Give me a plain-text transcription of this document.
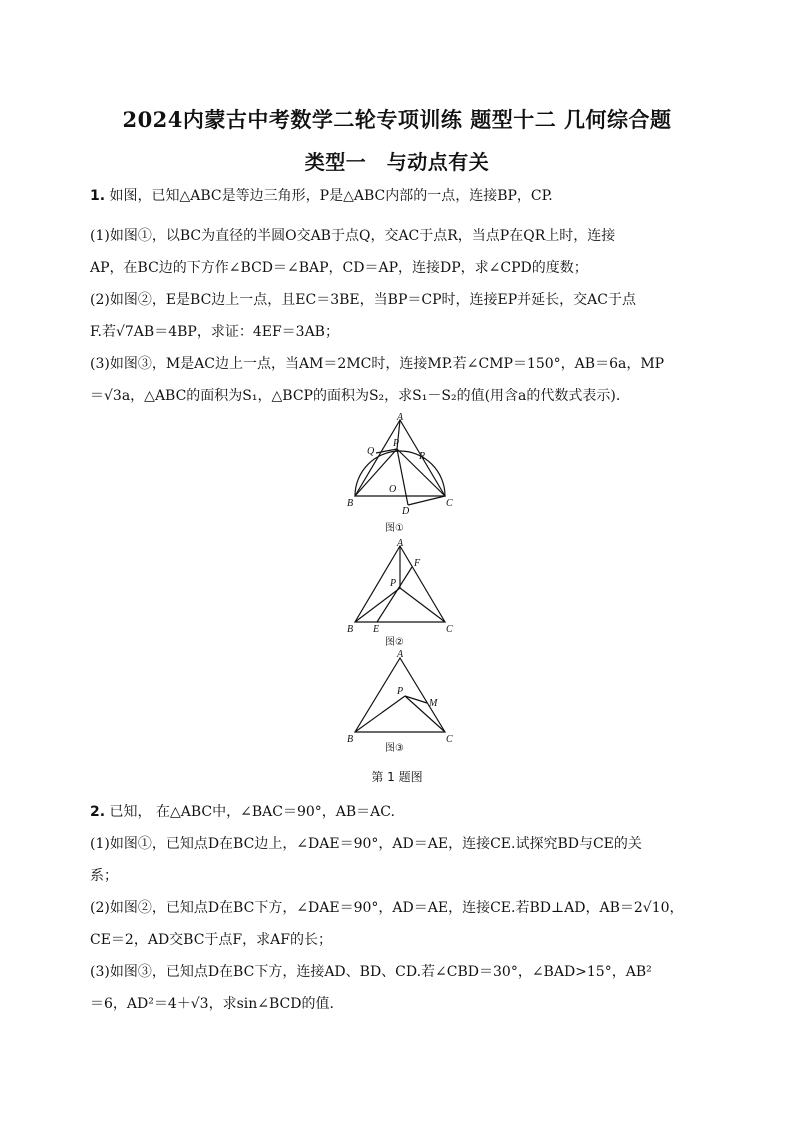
2024内蒙古中考数学二轮专项训练 题型十二 几何综合题
类型一　与动点有关
1. 如图，已知△ABC是等边三角形，P是△ABC内部的一点，连接BP，CP.
(1)如图①，以BC为直径的半圆O交AB于点Q，交AC于点R，当点P在QR上时，连接
AP，在BC边的下方作∠BCD＝∠BAP，CD＝AP，连接DP，求∠CPD的度数；
(2)如图②，E是BC边上一点，且EC＝3BE，当BP＝CP时，连接EP并延长，交AC于点
F.若√7AB＝4BP，求证：4EF＝3AB；
(3)如图③，M是AC边上一点，当AM＝2MC时，连接MP.若∠CMP＝150°，AB＝6a，MP
＝√3a，△ABC的面积为S₁，△BCP的面积为S₂，求S₁－S₂的值(用含a的代数式表示).
A
B	C
Q
P
R
O
D
图①
A
B	C
E
F
P
图②
A
B	C
P
M
图③
第 1 题图
2. 已知， 在△ABC中，∠BAC＝90°，AB＝AC.
(1)如图①，已知点D在BC边上，∠DAE＝90°，AD＝AE，连接CE.试探究BD与CE的关
系；
(2)如图②，已知点D在BC下方，∠DAE＝90°，AD＝AE，连接CE.若BD⊥AD，AB＝2√10，
CE＝2，AD交BC于点F，求AF的长；
(3)如图③，已知点D在BC下方，连接AD、BD、CD.若∠CBD＝30°，∠BAD>15°，AB²
＝6，AD²＝4＋√3，求sin∠BCD的值.
